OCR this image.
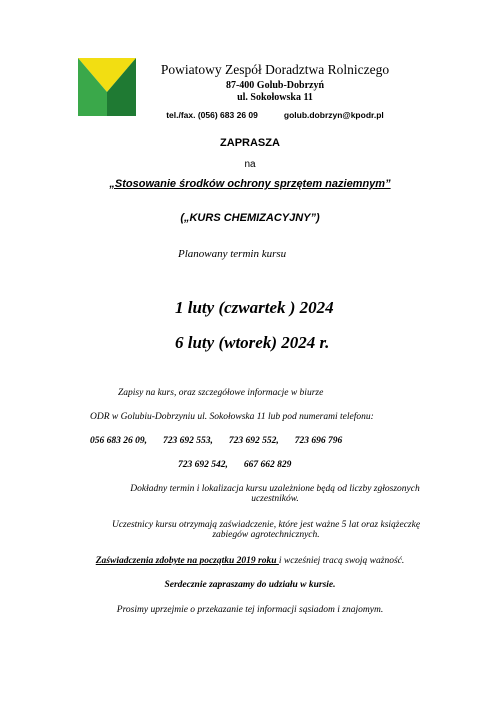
Powiatowy Zespół Doradztwa Rolniczego
87-400 Golub-Dobrzyń
ul. Sokołowska 11
tel./fax. (056) 683 26 09	golub.dobrzyn@kpodr.pl
ZAPRASZA
na
„Stosowanie środków ochrony sprzętem naziemnym”
(„KURS CHEMIZACYJNY”)
Planowany termin kursu
1 luty (czwartek ) 2024
6 luty (wtorek) 2024 r.
Zapisy na kurs, oraz szczegółowe informacje w biurze
ODR w Golubiu-Dobrzyniu ul. Sokołowska 11 lub pod numerami telefonu:
056 683 26 09, 723 692 553, 723 692 552, 723 696 796
723 692 542, 667 662 829
Dokładny termin i lokalizacja kursu uzależnione będą od liczby zgłoszonych uczestników.
Uczestnicy kursu otrzymają zaświadczenie, które jest ważne 5 lat oraz książeczkę zabiegów agrotechnicznych.
Zaświadczenia zdobyte na początku 2019 roku i wcześniej tracą swoją ważność.
Serdecznie zapraszamy do udziału w kursie.
Prosimy uprzejmie o przekazanie tej informacji sąsiadom i znajomym.
